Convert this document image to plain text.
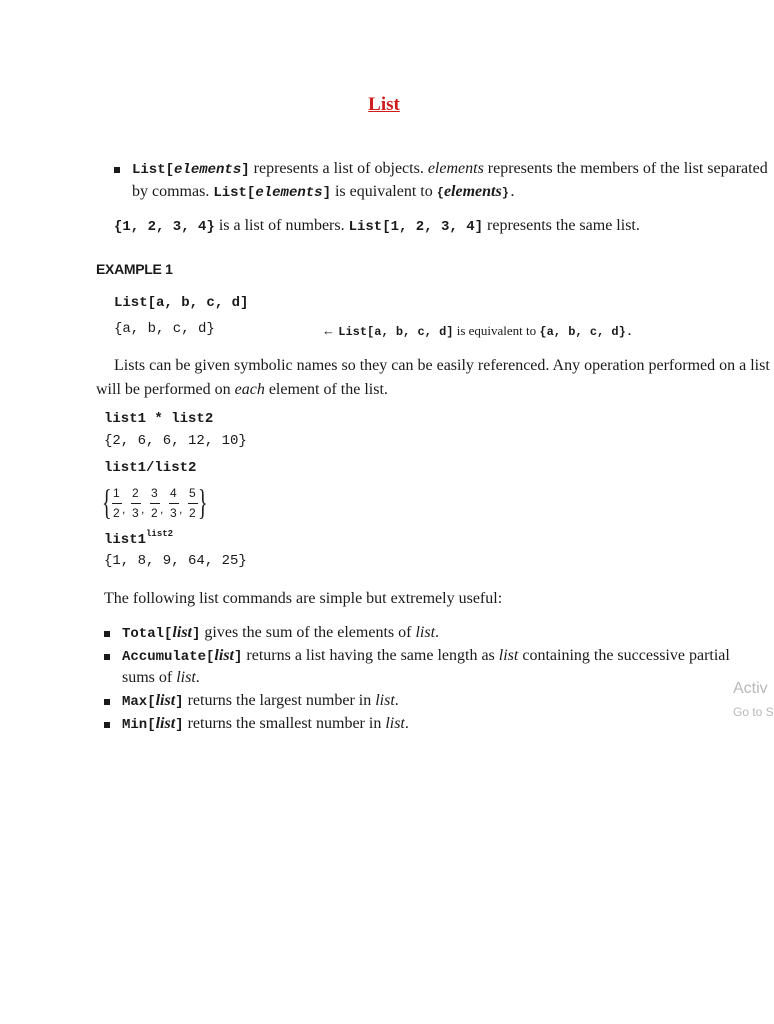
List
List[elements] represents a list of objects. elements represents the members of the list separated
by commas. List[elements] is equivalent to {elements}.
{1, 2, 3, 4} is a list of numbers. List[1, 2, 3, 4] represents the same list.
EXAMPLE 1
List[a, b, c, d]
{a, b, c, d}	← List[a, b, c, d] is equivalent to {a, b, c, d}.
Lists can be given symbolic names so they can be easily referenced. Any operation performed on a list
will be performed on each element of the list.
list1 * list2
{2, 6, 6, 12, 10}
list1/list2
{ 1
2 ,
2
3 ,
3
2 ,
4
3 ,
5
2 }
$list1^{list2}$
{1, 8, 9, 64, 25}
The following list commands are simple but extremely useful:
Total[list] gives the sum of the elements of list.
Accumulate[list] returns a list having the same length as list containing the successive partial
sums of list.
Max[list] returns the largest number in list.
Min[list] returns the smallest number in list.
Activ
Go to S
